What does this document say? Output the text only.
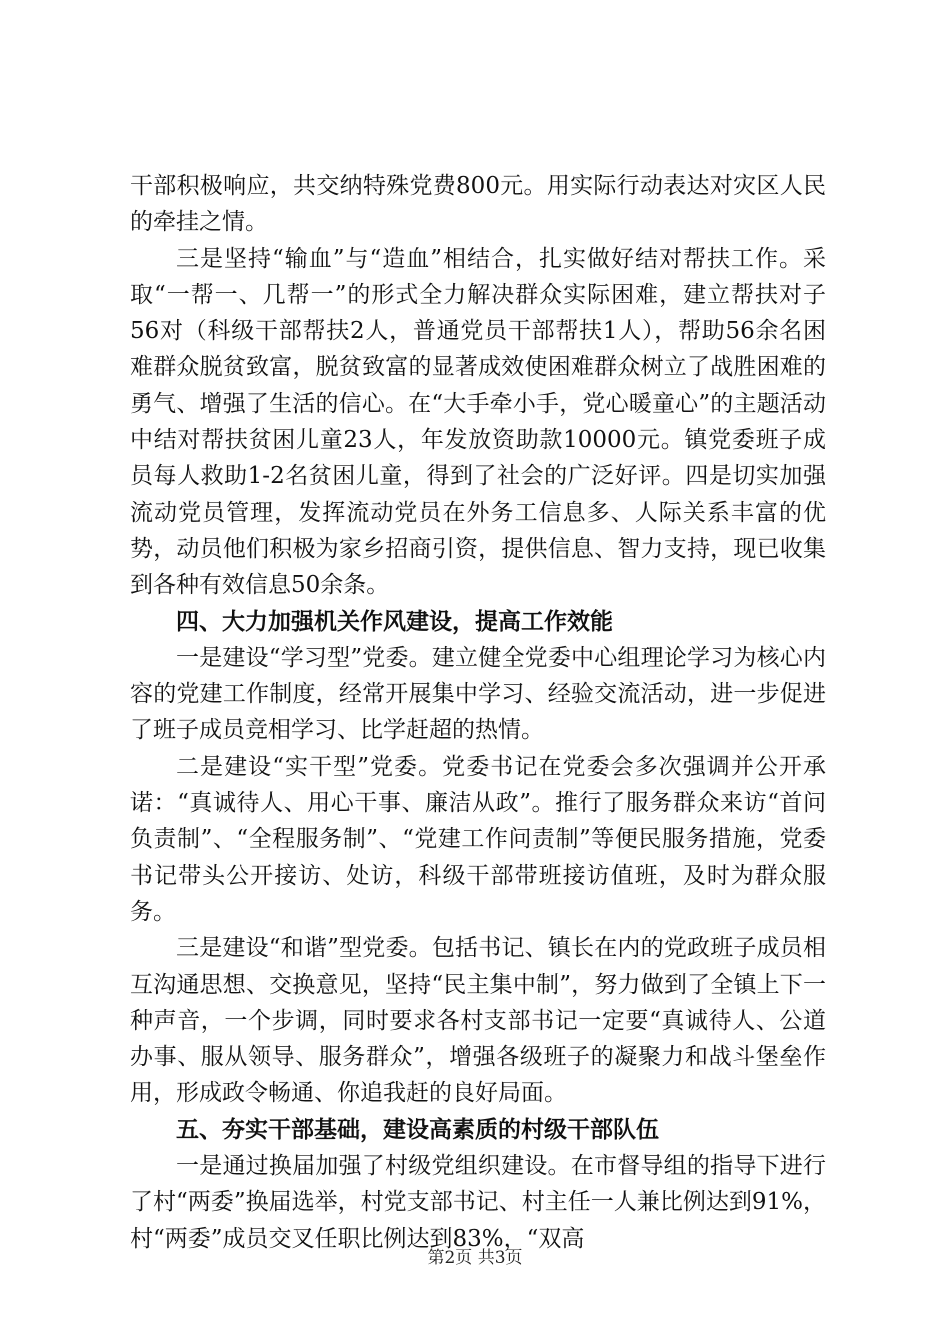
干部积极响应，共交纳特殊党费800元。用实际行动表达对灾区人民的牵挂之情。

三是坚持“输血”与“造血”相结合，扎实做好结对帮扶工作。采取“一帮一、几帮一”的形式全力解决群众实际困难，建立帮扶对子56对（科级干部帮扶2人，普通党员干部帮扶1人），帮助56余名困难群众脱贫致富，脱贫致富的显著成效使困难群众树立了战胜困难的勇气、增强了生活的信心。在“大手牵小手，党心暖童心”的主题活动中结对帮扶贫困儿童23人，年发放资助款10000元。镇党委班子成员每人救助1-2名贫困儿童，得到了社会的广泛好评。四是切实加强流动党员管理，发挥流动党员在外务工信息多、人际关系丰富的优势，动员他们积极为家乡招商引资，提供信息、智力支持，现已收集到各种有效信息50余条。

四、大力加强机关作风建设，提高工作效能

一是建设“学习型”党委。建立健全党委中心组理论学习为核心内容的党建工作制度，经常开展集中学习、经验交流活动，进一步促进了班子成员竞相学习、比学赶超的热情。

二是建设“实干型”党委。党委书记在党委会多次强调并公开承诺：“真诚待人、用心干事、廉洁从政”。推行了服务群众来访“首问负责制”、“全程服务制”、“党建工作问责制”等便民服务措施，党委书记带头公开接访、处访，科级干部带班接访值班，及时为群众服务。

三是建设“和谐”型党委。包括书记、镇长在内的党政班子成员相互沟通思想、交换意见，坚持“民主集中制”，努力做到了全镇上下一种声音，一个步调，同时要求各村支部书记一定要“真诚待人、公道办事、服从领导、服务群众”，增强各级班子的凝聚力和战斗堡垒作用，形成政令畅通、你追我赶的良好局面。

五、夯实干部基础，建设高素质的村级干部队伍

一是通过换届加强了村级党组织建设。在市督导组的指导下进行了村“两委”换届选举，村党支部书记、村主任一人兼比例达到91%，村“两委”成员交叉任职比例达到83%，“双高

第2页 共3页
